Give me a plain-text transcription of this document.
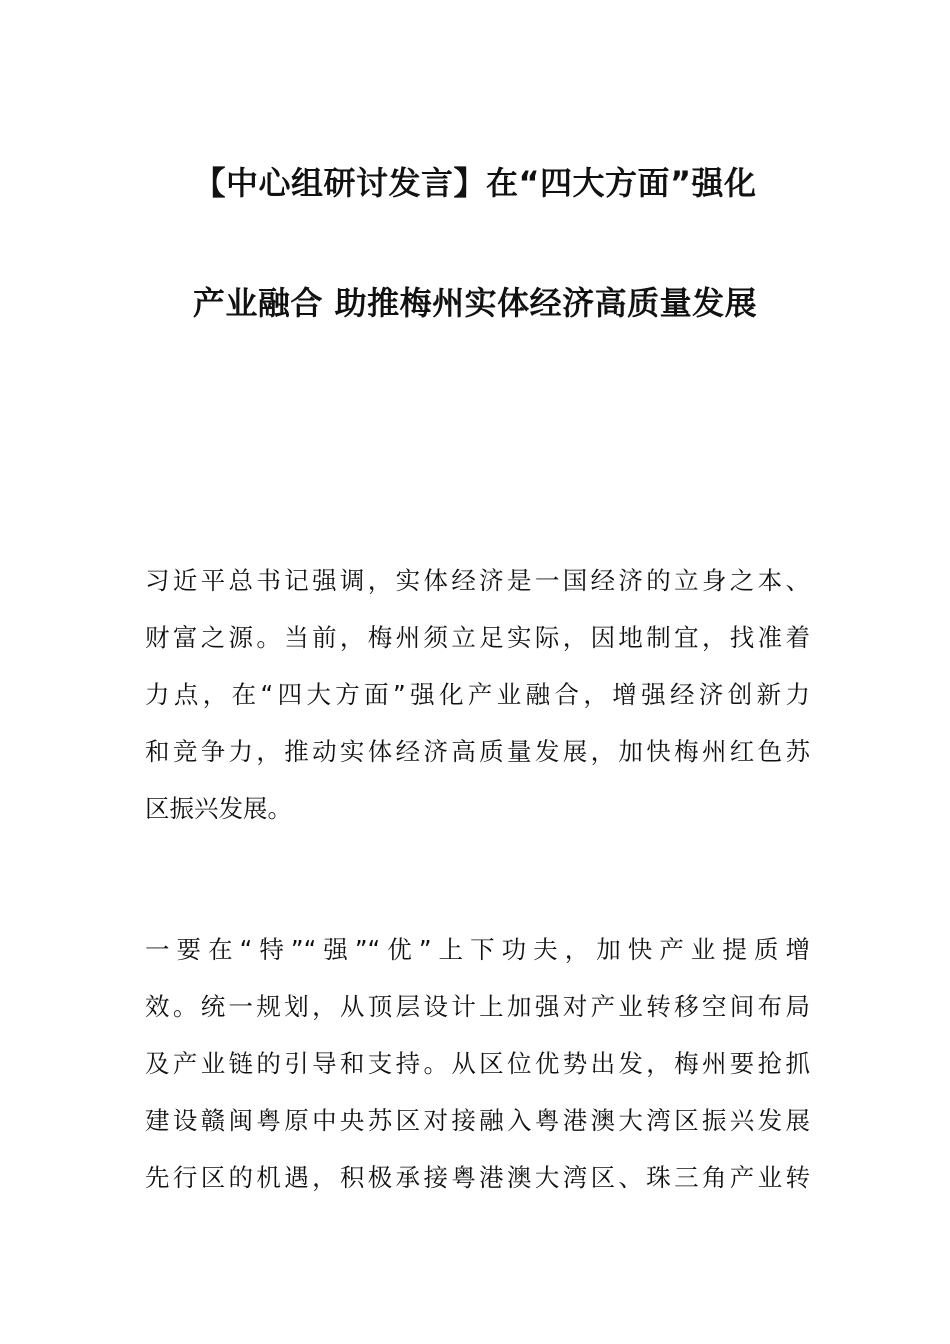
【中心组研讨发言】在“四大方面”强化
产业融合 助推梅州实体经济高质量发展
习近平总书记强调，实体经济是一国经济的立身之本、
财富之源。当前，梅州须立足实际，因地制宜，找准着
力点，在“四大方面”强化产业融合，增强经济创新力
和竞争力，推动实体经济高质量发展，加快梅州红色苏
区振兴发展。
一要在“特”“强”“优”上下功夫，加快产业提质增
效。统一规划，从顶层设计上加强对产业转移空间布局
及产业链的引导和支持。从区位优势出发，梅州要抢抓
建设赣闽粤原中央苏区对接融入粤港澳大湾区振兴发展
先行区的机遇，积极承接粤港澳大湾区、珠三角产业转
